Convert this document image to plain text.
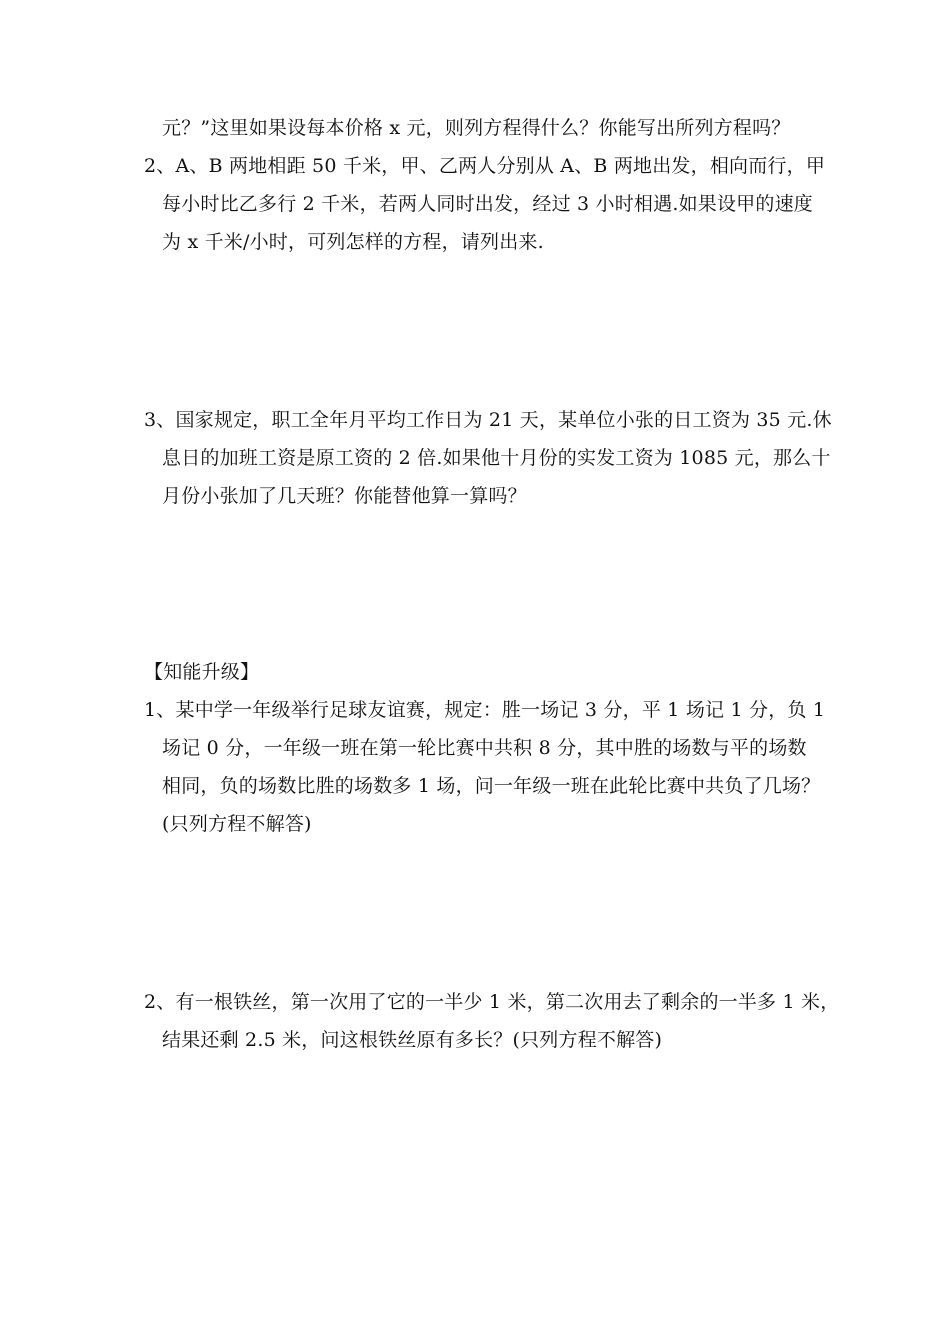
元？”这里如果设每本价格 x 元，则列方程得什么？你能写出所列方程吗？
2、A、B 两地相距 50 千米，甲、乙两人分别从 A、B 两地出发，相向而行，甲
每小时比乙多行 2 千米，若两人同时出发，经过 3 小时相遇.如果设甲的速度
为 x 千米/小时，可列怎样的方程，请列出来.
3、国家规定，职工全年月平均工作日为 21 天，某单位小张的日工资为 35 元.休
息日的加班工资是原工资的 2 倍.如果他十月份的实发工资为 1085 元，那么十
月份小张加了几天班？你能替他算一算吗？
【知能升级】
1、某中学一年级举行足球友谊赛，规定：胜一场记 3 分，平 1 场记 1 分，负 1
场记 0 分，一年级一班在第一轮比赛中共积 8 分，其中胜的场数与平的场数
相同，负的场数比胜的场数多 1 场，问一年级一班在此轮比赛中共负了几场？
(只列方程不解答)
2、有一根铁丝，第一次用了它的一半少 1 米，第二次用去了剩余的一半多 1 米，
结果还剩 2.5 米，问这根铁丝原有多长？(只列方程不解答)
